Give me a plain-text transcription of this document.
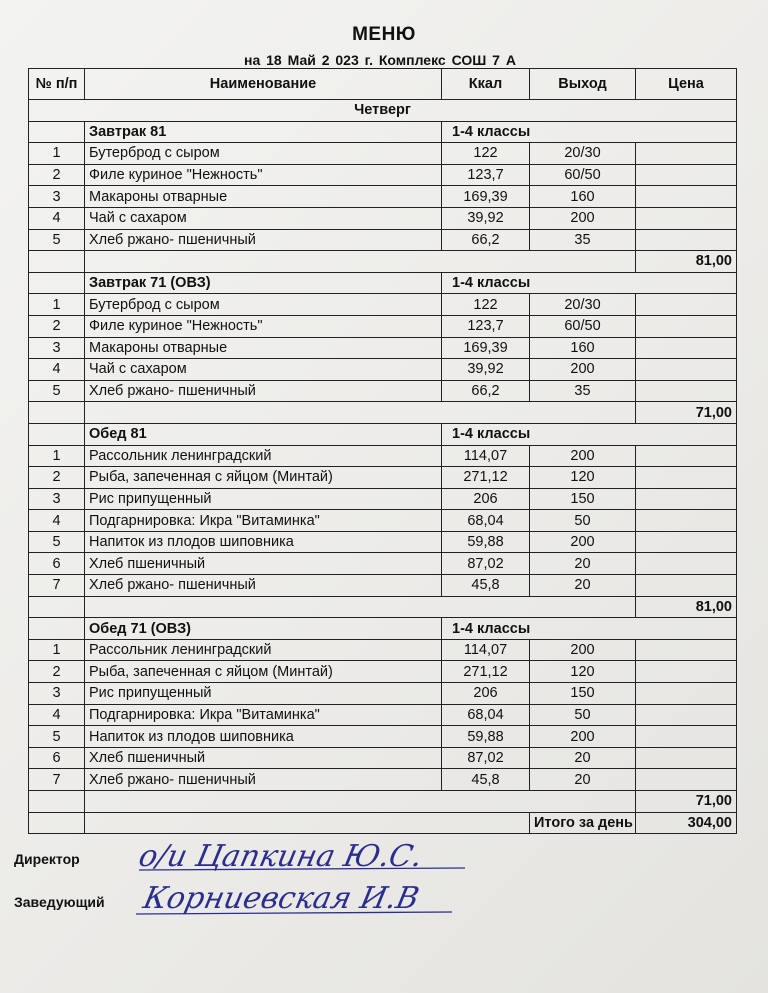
МЕНЮ
на 18 Май 2 023 г. Комплекс СОШ 7 А
№ п/п	Наименование	Ккал	Выход	Цена
Четверг				
	Завтрак 81	1-4 классы		
1	Бутерброд с сыром	122	20/30	
2	Филе куриное "Нежность"	123,7	60/50	
3	Макароны отварные	169,39	160	
4	Чай с сахаром	39,92	200	
5	Хлеб ржано- пшеничный	66,2	35	
				81,00
	Завтрак 71 (ОВЗ)	1-4 классы		
1	Бутерброд с сыром	122	20/30	
2	Филе куриное "Нежность"	123,7	60/50	
3	Макароны отварные	169,39	160	
4	Чай с сахаром	39,92	200	
5	Хлеб ржано- пшеничный	66,2	35	
				71,00
	Обед 81	1-4 классы		
1	Рассольник ленинградский	114,07	200	
2	Рыба, запеченная с яйцом (Минтай)	271,12	120	
3	Рис припущенный	206	150	
4	Подгарнировка: Икра "Витаминка"	68,04	50	
5	Напиток из плодов шиповника	59,88	200	
6	Хлеб пшеничный	87,02	20	
7	Хлеб ржано- пшеничный	45,8	20	
				81,00
	Обед 71 (ОВЗ)	1-4 классы		
1	Рассольник ленинградский	114,07	200	
2	Рыба, запеченная с яйцом (Минтай)	271,12	120	
3	Рис припущенный	206	150	
4	Подгарнировка: Икра "Витаминка"	68,04	50	
5	Напиток из плодов шиповника	59,88	200	
6	Хлеб пшеничный	87,02	20	
7	Хлеб ржано- пшеничный	45,8	20	
				71,00
			Итого за день	304,00
Директор о/и Цапкина Ю.С.
Заведующий Корниевская И.В
